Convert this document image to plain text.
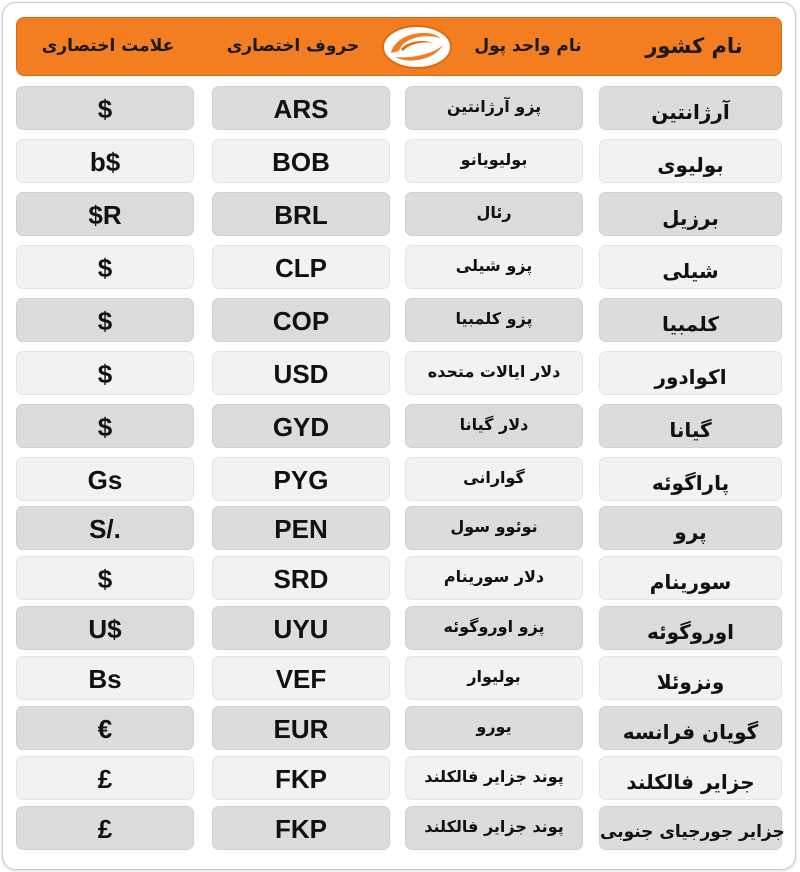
علامت اختصاری	حروف اختصاری	نام واحد پول	نام کشور
$	ARS	پزو آرژانتین	آرژانتین
b$	BOB	بولیویانو	بولیوی
$R	BRL	رئال	برزیل
$	CLP	پزو شیلی	شیلی
$	COP	پزو کلمبیا	کلمبیا
$	USD	دلار ایالات متحده	اکوادور
$	GYD	دلار گیانا	گیانا
Gs	PYG	گوارانی	پاراگوئه
S/.	PEN	نوئوو سول	پرو
$	SRD	دلار سورینام	سورینام
U$	UYU	پزو اوروگوئه	اوروگوئه
Bs	VEF	بولیوار	ونزوئلا
€	EUR	یورو	گویان فرانسه
£	FKP	پوند جزایر فالکلند	جزایر فالکلند
£	FKP	پوند جزایر فالکلند	جزایر جورجیای جنوبی
